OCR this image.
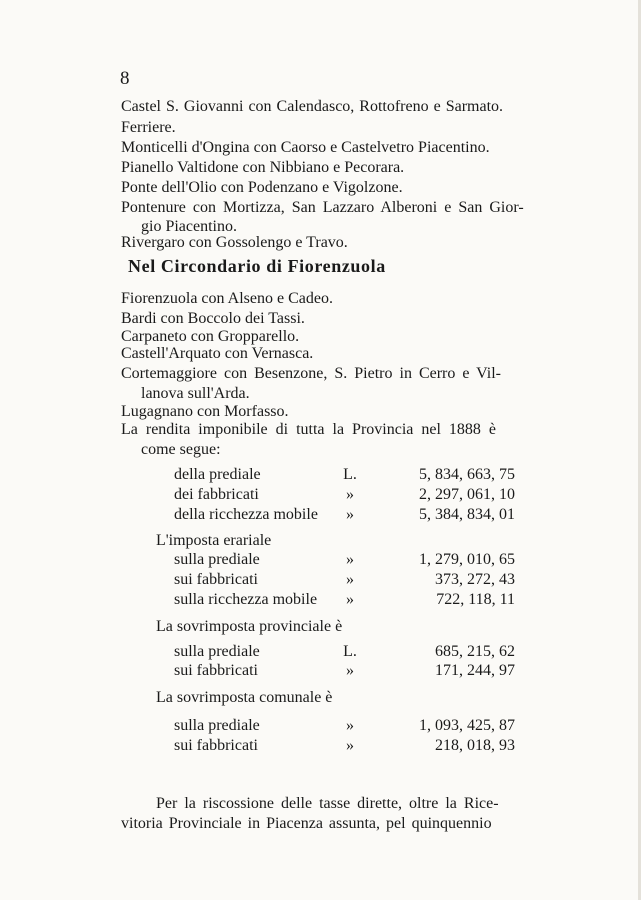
8
Castel S. Giovanni con Calendasco, Rottofreno e Sarmato.
Ferriere.
Monticelli d'Ongina con Caorso e Castelvetro Piacentino.
Pianello Valtidone con Nibbiano e Pecorara.
Ponte dell'Olio con Podenzano e Vigolzone.
Pontenure con Mortizza, San Lazzaro Alberoni e San Gior-
gio Piacentino.
Rivergaro con Gossolengo e Travo.
Nel Circondario di Fiorenzuola
Fiorenzuola con Alseno e Cadeo.
Bardi con Boccolo dei Tassi.
Carpaneto con Gropparello.
Castell'Arquato con Vernasca.
Cortemaggiore con Besenzone, S. Pietro in Cerro e Vil-
lanova sull'Arda.
Lugagnano con Morfasso.
La rendita imponibile di tutta la Provincia nel 1888 è
come segue:
della prediale	L.	5, 834, 663, 75
dei fabbricati	»	2, 297, 061, 10
della ricchezza mobile	»	5, 384, 834, 01
L'imposta erariale
sulla prediale	»	1, 279, 010, 65
sui fabbricati	»	373, 272, 43
sulla ricchezza mobile	»	722, 118, 11
La sovrimposta provinciale è
sulla prediale	L.	685, 215, 62
sui fabbricati	»	171, 244, 97
La sovrimposta comunale è
sulla prediale	»	1, 093, 425, 87
sui fabbricati	»	218, 018, 93
Per la riscossione delle tasse dirette, oltre la Rice-
vitoria Provinciale in Piacenza assunta, pel quinquennio
